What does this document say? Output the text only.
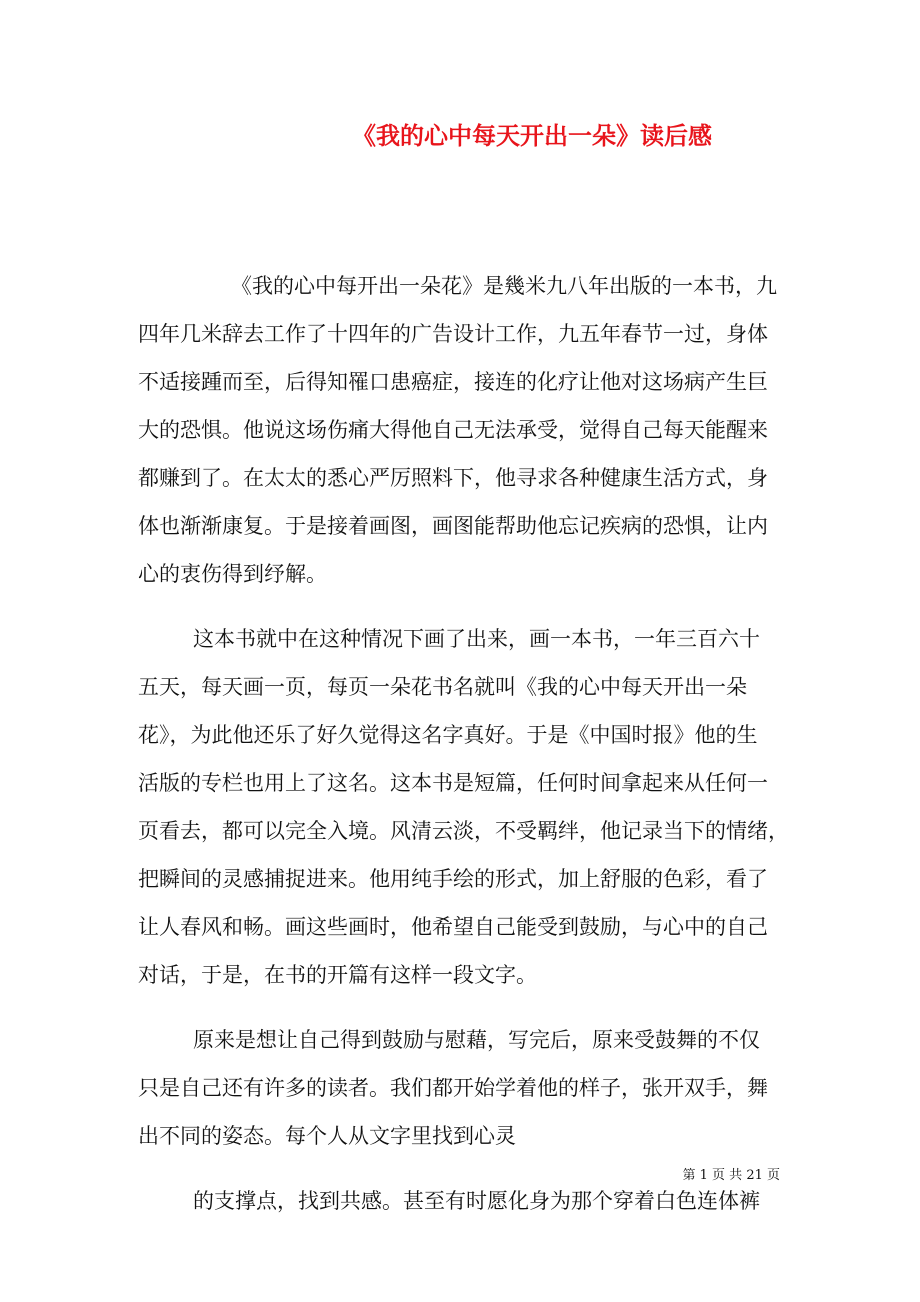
《我的心中每天开出一朵》读后感
《我的心中每开出一朵花》是幾米九八年出版的一本书，九
四年几米辞去工作了十四年的广告设计工作，九五年春节一过，身体
不适接踵而至，后得知罹口患癌症，接连的化疗让他对这场病产生巨
大的恐惧。他说这场伤痛大得他自己无法承受，觉得自己每天能醒来
都赚到了。在太太的悉心严厉照料下，他寻求各种健康生活方式，身
体也渐渐康复。于是接着画图，画图能帮助他忘记疾病的恐惧，让内
心的衷伤得到纾解。
这本书就中在这种情况下画了出来，画一本书，一年三百六十
五天，每天画一页，每页一朵花书名就叫《我的心中每天开出一朵
花》，为此他还乐了好久觉得这名字真好。于是《中国时报》他的生
活版的专栏也用上了这名。这本书是短篇，任何时间拿起来从任何一
页看去，都可以完全入境。风清云淡，不受羁绊，他记录当下的情绪，
把瞬间的灵感捕捉进来。他用纯手绘的形式，加上舒服的色彩，看了
让人春风和畅。画这些画时，他希望自己能受到鼓励，与心中的自己
对话，于是，在书的开篇有这样一段文字。
原来是想让自己得到鼓励与慰藉，写完后，原来受鼓舞的不仅
只是自己还有许多的读者。我们都开始学着他的样子，张开双手，舞
出不同的姿态。每个人从文字里找到心灵
的支撑点，找到共感。甚至有时愿化身为那个穿着白色连体裤
第 1 页 共 21 页
